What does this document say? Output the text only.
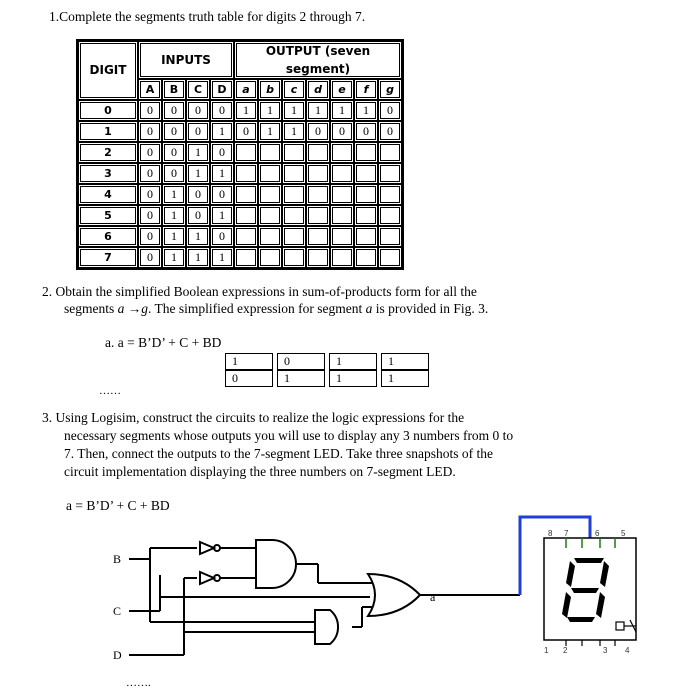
1.Complete the segments truth table for digits 2 through 7.
DIGIT	INPUTS				OUTPUT (seven segment)						
	A	B	C	D	a	b	c	d	e	f	g
0	0	0	0	0	1	1	1	1	1	1	0
1	0	0	0	1	0	1	1	0	0	0	0
2	0	0	1	0							
3	0	0	1	1							
4	0	1	0	0							
5	0	1	0	1							
6	0	1	1	0							
7	0	1	1	1							
2. Obtain the simplified Boolean expressions in sum-of-products form for all the
segments a →g. The simplified expression for segment a is provided in Fig. 3.
a. a = B’D’ + C + BD
1		0		1		1
0		1		1		1
……
3. Using Logisim, construct the circuits to realize the logic expressions for the
necessary segments whose outputs you will use to display any 3 numbers from 0 to
7. Then, connect the outputs to the 7-segment LED. Take three snapshots of the
circuit implementation displaying the three numbers on 7-segment LED.
a = B’D’ + C + BD
B
C
D
a
8 7	6	5
1 2	3 4
…….
